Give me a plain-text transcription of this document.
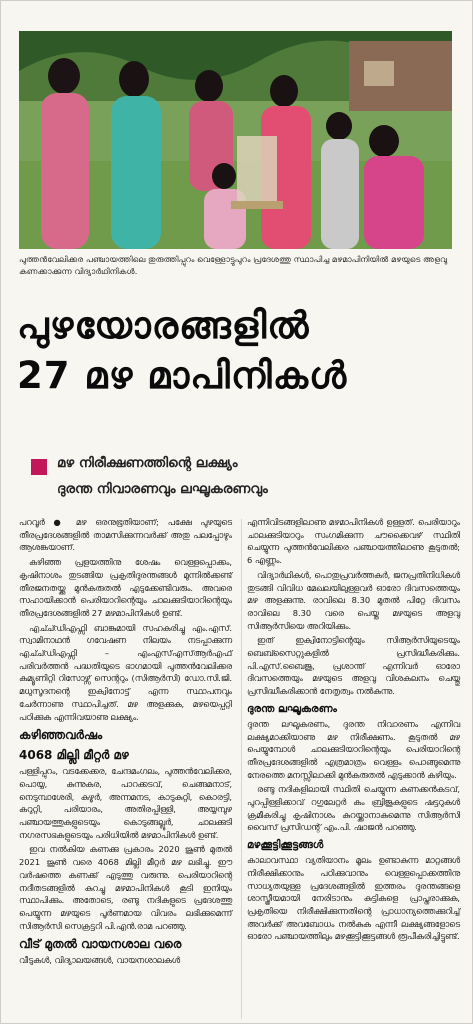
പുത്തൻവേലിക്കര പഞ്ചായത്തിലെ തുരുത്തിപ്പുറം വെള്ളോട്ടുപുറം പ്രദേശത്തു സ്ഥാപിച്ച മഴമാപിനിയിൽ മഴയുടെ അളവു കണക്കാക്കുന്ന വിദ്യാർഥിനികൾ.
പുഴയോരങ്ങളിൽ
27 മഴ മാപിനികൾ
മഴ നിരീക്ഷണത്തിന്റെ ലക്ഷ്യം
ദുരന്ത നിവാരണവും ലഘൂകരണവും

പറവൂർ ● മഴ ഒരനുഭൂതിയാണ്; പക്ഷേ പുഴയുടെ തീരപ്രദേശങ്ങളിൽ താമസിക്കുന്നവർക്ക് അതു പലപ്പോഴും ആശങ്കയാണ്.

കഴിഞ്ഞ പ്രളയത്തിനു ശേഷം വെള്ളപ്പൊക്കം, കൃഷിനാശം തുടങ്ങിയ പ്രകൃതിദുരന്തങ്ങൾ മുന്നിൽക്കണ്ട് തീരജനതയ്ക്കു മുൻകരുതൽ എടുക്കേണ്ടിവരും. അവരെ സഹായിക്കാൻ പെരിയാറിന്റെയും ചാലക്കുടിയാറിന്റെയും തീരപ്രദേശങ്ങളിൽ 27 മഴമാപിനികൾ ഉണ്ട്.

എച്ച്ഡിഎഫ്സി ബാങ്കുമായി സഹകരിച്ചു എം.എസ്. സ്വാമിനാഥൻ ഗവേഷണ നിലയം നടപ്പാക്കുന്ന എച്ച്ഡിഎഫ്സി – എംഎസ്എസ്ആർഎഫ് പരിവർത്തൻ പദ്ധതിയുടെ ഭാഗമായി പുത്തൻവേലിക്കര കമ്യൂണിറ്റി റിസോഴ്സ് സെന്ററും (സിആർസി) ഡോ.സി.ജി. മധുസൂദനന്റെ ഇക്വിനോട്ട് എന്ന സ്ഥാപനവും ചേർന്നാണു സ്ഥാപിച്ചത്. മഴ അളക്കുക, മഴയെപ്പറ്റി പഠിക്കുക എന്നിവയാണു ലക്ഷ്യം.

കഴിഞ്ഞവർഷം
4068 മില്ലി മീറ്റർ മഴ

പള്ളിപ്പുറം, വടക്കേക്കര, ചേന്ദമംഗലം, പുത്തൻവേലിക്കര, പൊയ്യ, കുന്നുകര, പാറക്കടവ്, ചെങ്ങമനാട്, നെടുമ്പാശേരി, കുഴൂർ, അന്നമനട, കാടുകുറ്റി, കൊരട്ടി, കറുറ്റി, പരിയാരം, അതിരപ്പിള്ളി, അയ്യമ്പുഴ പഞ്ചായത്തുകളുടെയും കൊടുങ്ങല്ലൂർ, ചാലക്കുടി നഗരസഭകളുടെയും പരിധിയിൽ മഴമാപിനികൾ ഉണ്ട്.

ഇവ നൽകിയ കണക്കു പ്രകാരം 2020 ജൂൺ മുതൽ 2021 ജൂൺ വരെ 4068 മില്ലി മീറ്റർ മഴ ലഭിച്ചു. ഈ വർഷത്തെ കണക്ക് എടുത്തു വരുന്നു. പെരിയാറിന്റെ നദീതടങ്ങളിൽ കുറച്ചു മഴമാപിനികൾ കൂടി ഇനിയും സ്ഥാപിക്കും. അതോടെ, രണ്ടു നദികളുടെ പ്രദേശത്തു പെയ്യുന്ന മഴയുടെ പൂർണമായ വിവരം ലഭിക്കുമെന്ന് സിആർസി സെക്രട്ടറി പി.എൻ.രാമ പറഞ്ഞു.

വീട് മുതൽ വായനശാല വരെ

വീടുകൾ, വിദ്യാലയങ്ങൾ, വായനശാലകൾ

എന്നിവിടങ്ങളിലാണു മഴമാപിനികൾ ഉള്ളത്. പെരിയാറും ചാലക്കുടിയാറും സംഗമിക്കുന്ന ചൗക്കൈവഴ് സ്ഥിതി ചെയ്യുന്ന പുത്തൻവേലിക്കര പഞ്ചായത്തിലാണു കൂടുതൽ; 6 എണ്ണം.

വിദ്യാർഥികൾ, പൊതുപ്രവർത്തകർ, ജനപ്രതിനിധികൾ തുടങ്ങി വിവിധ മേഖലയിലുള്ളവർ ഓരോ ദിവസത്തെയും മഴ അളക്കുന്നു. രാവിലെ 8.30 മുതൽ പിറ്റേ ദിവസം രാവിലെ 8.30 വരെ പെയ്ത മഴയുടെ അളവു സിആർസിയെ അറിയിക്കും.

ഇത് ഇക്വിനോട്ടിന്റെയും സിആർസിയുടെയും ബെബ്സൈറ്റുകളിൽ പ്രസിദ്ധീകരിക്കും. പി.എസ്.ബൈജു, പ്രശാന്ത് എന്നിവർ ഓരോ ദിവസത്തെയും മഴയുടെ അളവു വിശകലനം ചെയ്തു പ്രസിദ്ധീകരിക്കാൻ നേതൃത്വം നൽകുന്നു.

ദുരന്ത ലഘൂകരണം

ദുരന്ത ലഘൂകരണം, ദുരന്ത നിവാരണം എന്നിവ ലക്ഷ്യമാക്കിയാണു മഴ നിരീക്ഷണം. കൂടുതൽ മഴ പെയ്യുമ്പോൾ ചാലക്കുടിയാറിന്റെയും പെരിയാറിന്റെ തീരപ്രദേശങ്ങളിൽ എത്രമാത്രം വെള്ളം പൊങ്ങുമെന്നു നേരത്തെ മനസ്സിലാക്കി മുൻകരുതൽ എടുക്കാൻ കഴിയും.

രണ്ടു നദികളിലായി സ്ഥിതി ചെയ്യുന്ന കണക്കൻകടവ്, പുറപ്പിള്ളിക്കാവ് റഗുലേറ്റർ കം ബ്രിജുകളുടെ ഷട്ടറുകൾ ക്രമീകരിച്ചു കൃഷിനാശം കുറയ്ക്കാനാകുമെന്നു സിആർസി വൈസ് പ്രസിഡന്റ് എം.പി. ഷാജൻ പറഞ്ഞു.

മഴക്കൂട്ടിക്കൂട്ടങ്ങൾ

കാലാവസ്ഥാ വ്യതിയാനം മൂലം ഉണ്ടാകുന്ന മാറ്റങ്ങൾ നിരീക്ഷിക്കാനും പഠിക്കുവാനും വെള്ളപ്പൊക്കത്തിനു സാധ്യതയുള്ള പ്രദേശങ്ങളിൽ ഇത്തരം ദുരന്തങ്ങളെ ശാസ്ത്രീയമായി നേരിടാനും കുട്ടികളെ പ്രാപ്തരാക്കുക, പ്രകൃതിയെ നിരീക്ഷിക്കുന്നതിന്റെ പ്രാധാന്യത്തെക്കുറിച്ച് അവർക്ക് അവബോധം നൽകുക എന്നീ ലക്ഷ്യങ്ങളോടെ ഓരോ പഞ്ചായത്തിലും മഴക്കൂട്ടിക്കൂട്ടങ്ങൾ രൂപീകരിച്ചിട്ടുണ്ട്.
